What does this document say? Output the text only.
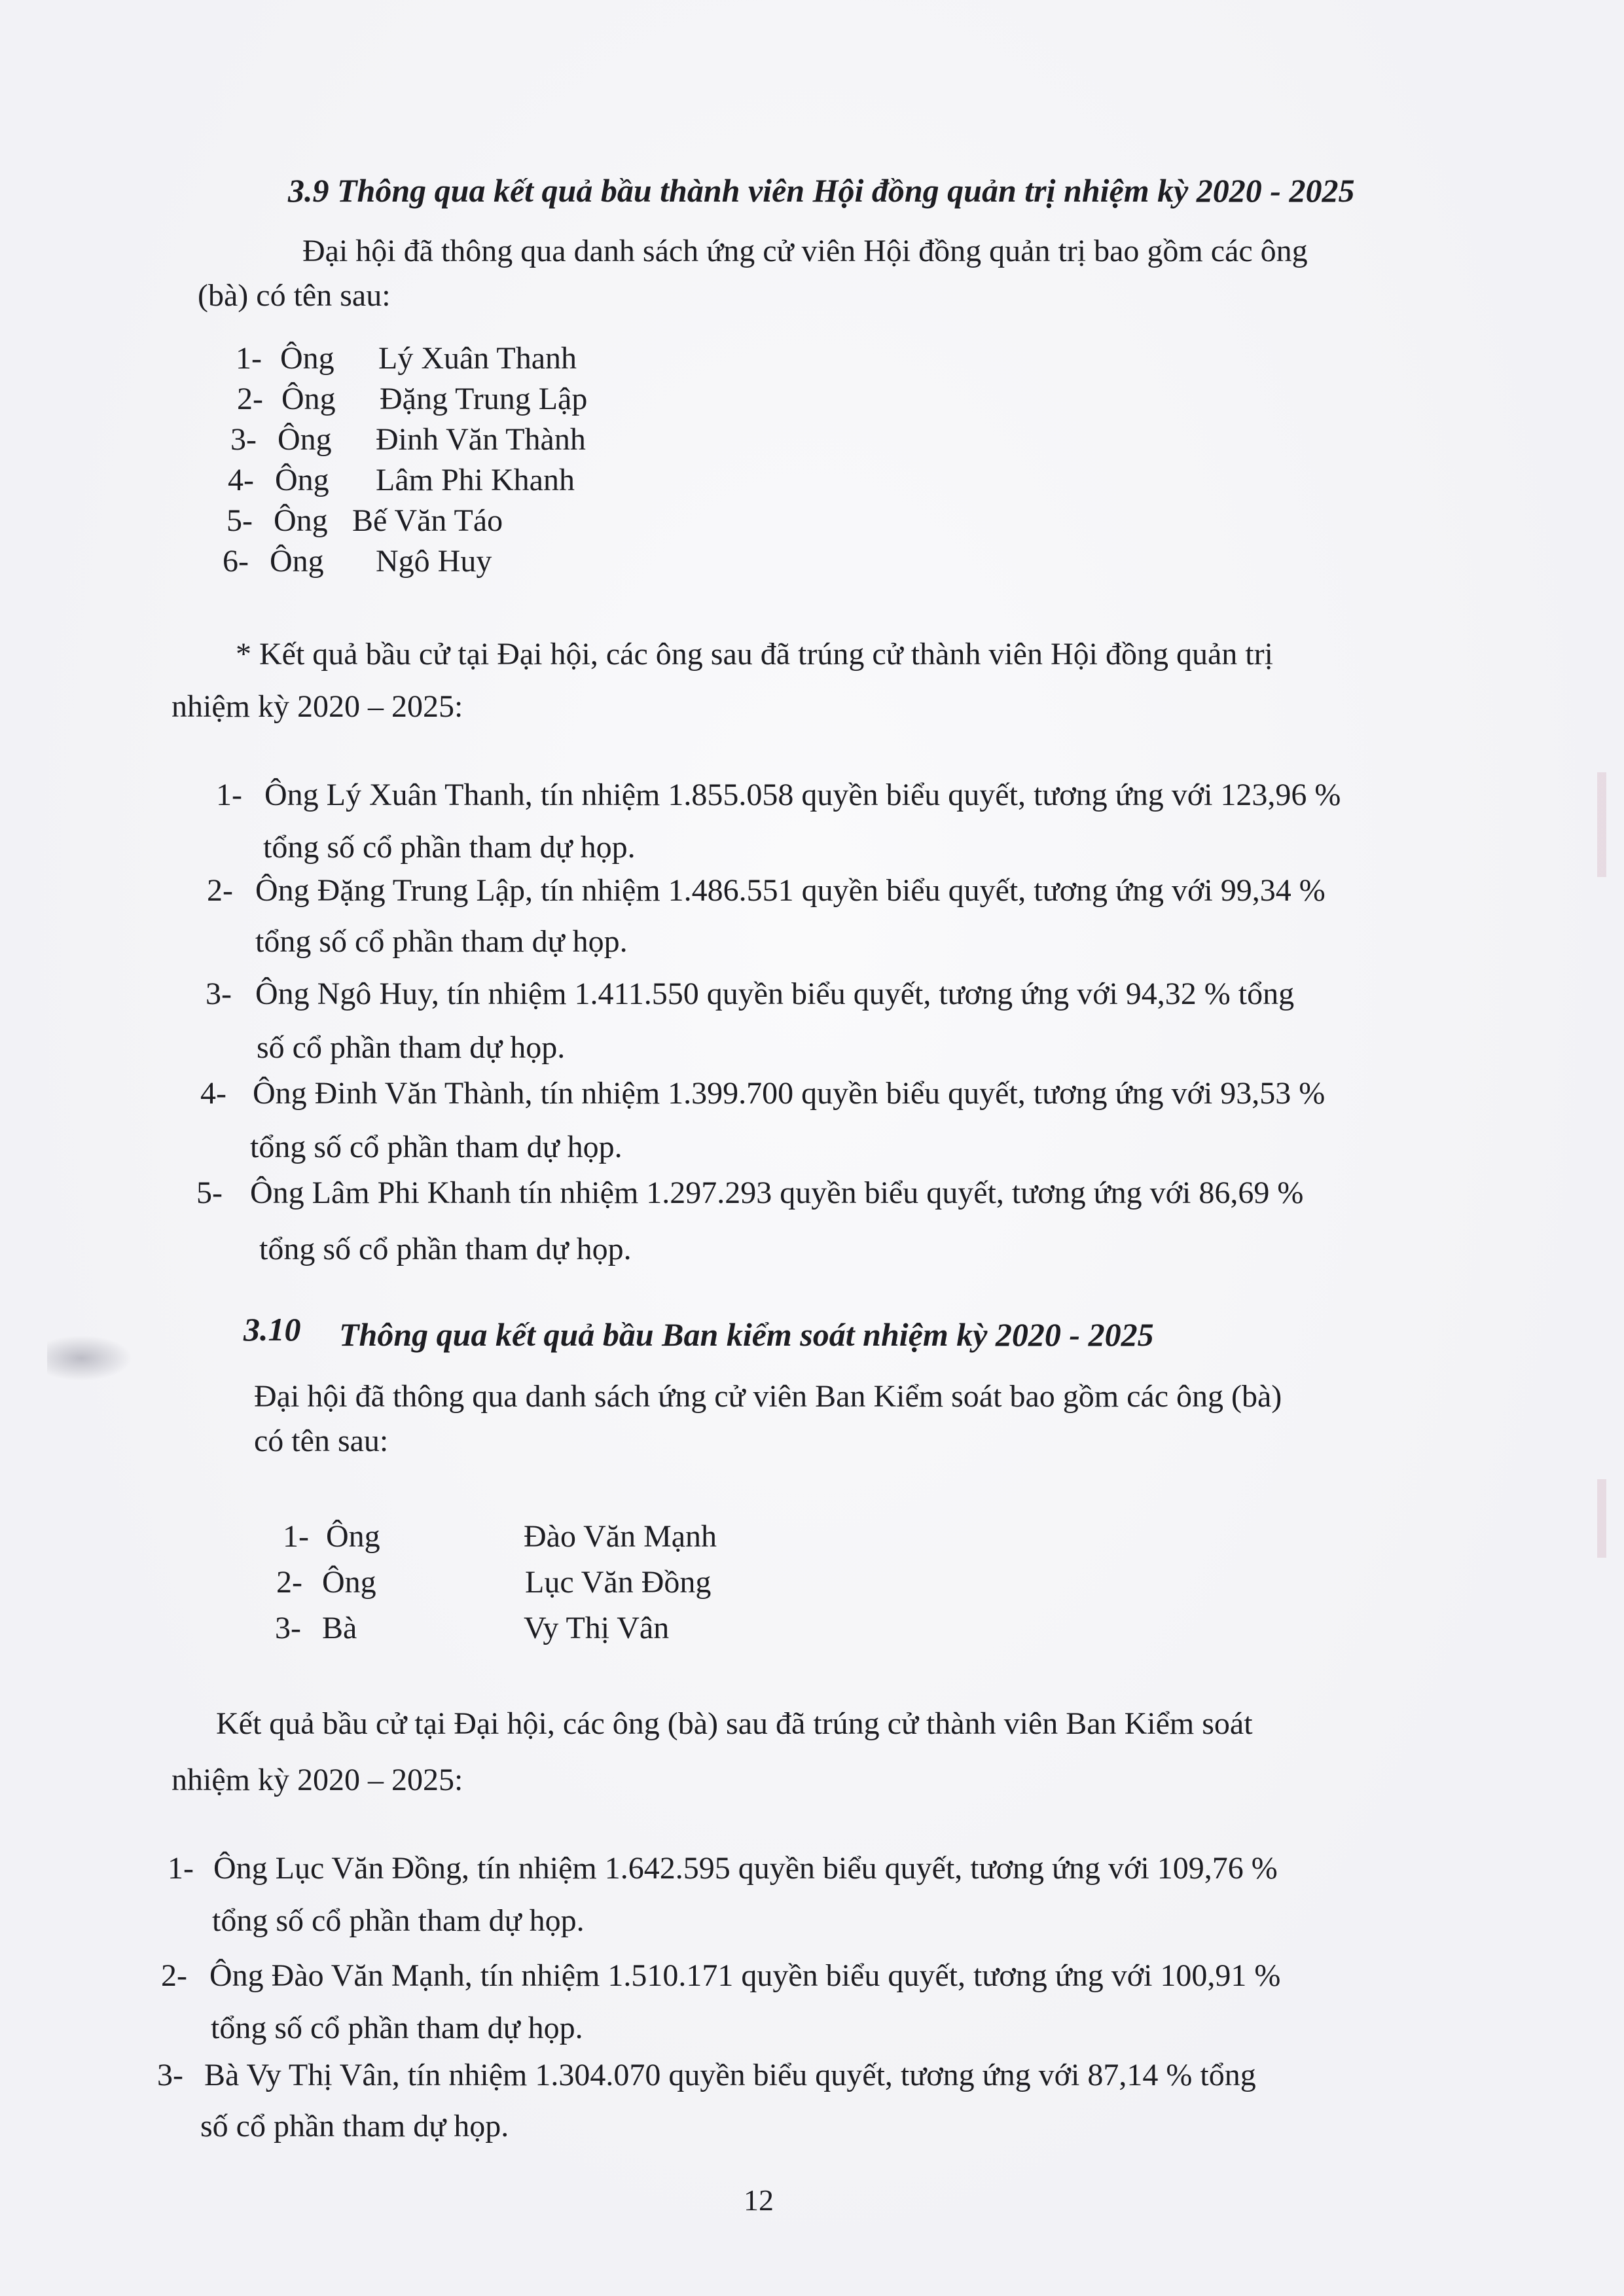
3.9 Thông qua kết quả bầu thành viên Hội đồng quản trị nhiệm kỳ 2020 - 2025
Đại hội đã thông qua danh sách ứng cử viên Hội đồng quản trị bao gồm các ông
(bà) có tên sau:
1- Ông Lý Xuân Thanh
2- Ông Đặng Trung Lập
3- Ông Đinh Văn Thành
4- Ông Lâm Phi Khanh
5- Ông Bế Văn Táo
6- Ông Ngô Huy
* Kết quả bầu cử tại Đại hội, các ông sau đã trúng cử thành viên Hội đồng quản trị
nhiệm kỳ 2020 – 2025:
1- Ông Lý Xuân Thanh, tín nhiệm 1.855.058 quyền biểu quyết, tương ứng với 123,96 %
tổng số cổ phần tham dự họp.
2- Ông Đặng Trung Lập, tín nhiệm 1.486.551 quyền biểu quyết, tương ứng với 99,34 %
tổng số cổ phần tham dự họp.
3- Ông Ngô Huy, tín nhiệm 1.411.550 quyền biểu quyết, tương ứng với 94,32 % tổng
số cổ phần tham dự họp.
4- Ông Đinh Văn Thành, tín nhiệm 1.399.700 quyền biểu quyết, tương ứng với 93,53 %
tổng số cổ phần tham dự họp.
5- Ông Lâm Phi Khanh tín nhiệm 1.297.293 quyền biểu quyết, tương ứng với 86,69 %
tổng số cổ phần tham dự họp.
3.10 Thông qua kết quả bầu Ban kiểm soát nhiệm kỳ 2020 - 2025
Đại hội đã thông qua danh sách ứng cử viên Ban Kiểm soát bao gồm các ông (bà)
có tên sau:
1- Ông	Đào Văn Mạnh
2- Ông	Lục Văn Đồng
3- Bà	Vy Thị Vân
Kết quả bầu cử tại Đại hội, các ông (bà) sau đã trúng cử thành viên Ban Kiểm soát
nhiệm kỳ 2020 – 2025:
1- Ông Lục Văn Đồng, tín nhiệm 1.642.595 quyền biểu quyết, tương ứng với 109,76 %
tổng số cổ phần tham dự họp.
2- Ông Đào Văn Mạnh, tín nhiệm 1.510.171 quyền biểu quyết, tương ứng với 100,91 %
tổng số cổ phần tham dự họp.
3- Bà Vy Thị Vân, tín nhiệm 1.304.070 quyền biểu quyết, tương ứng với 87,14 % tổng
số cổ phần tham dự họp.
12
